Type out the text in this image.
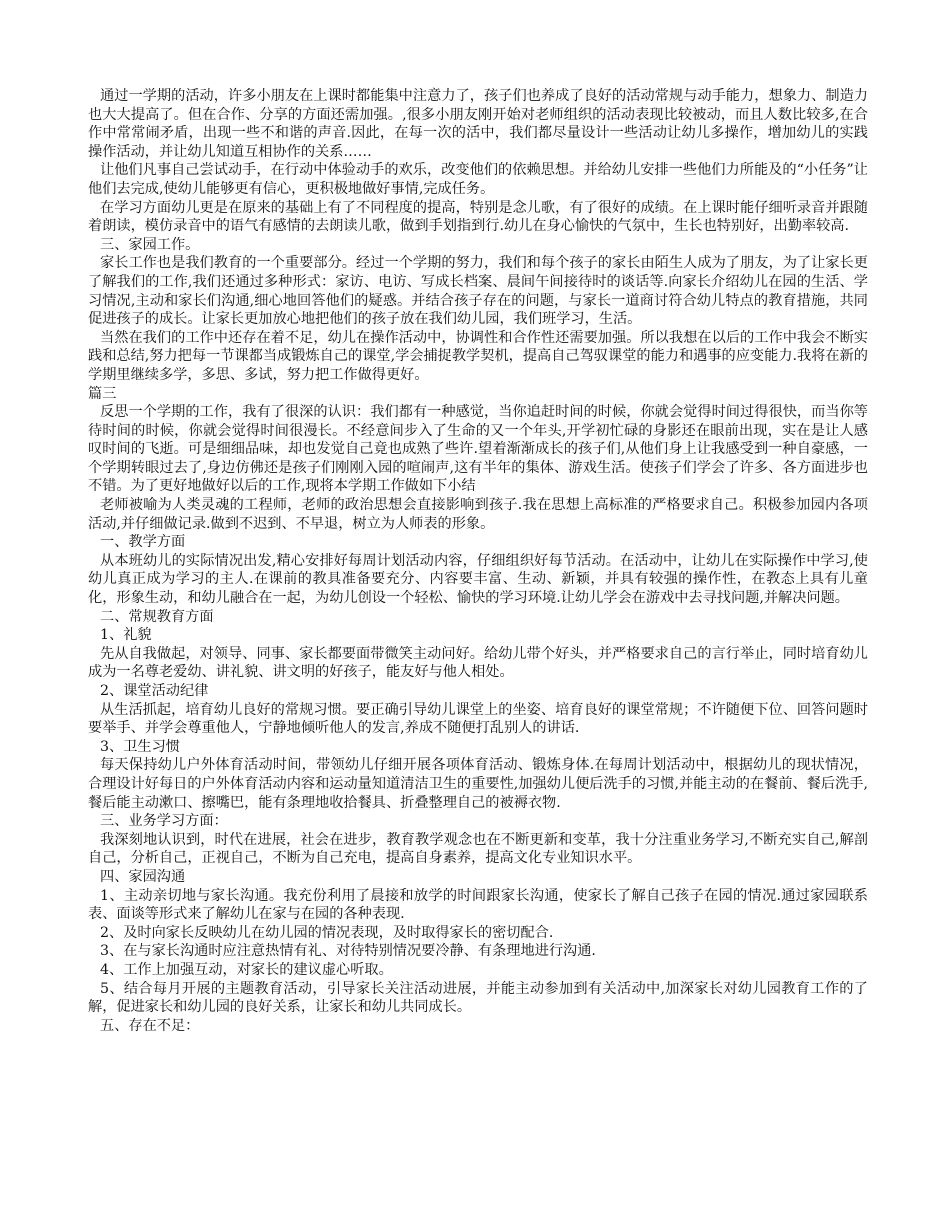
通过一学期的活动，许多小朋友在上课时都能集中注意力了，孩子们也养成了良好的活动常规与动手能力，想象力、制造力也大大提高了。但在合作、分享的方面还需加强。,很多小朋友刚开始对老师组织的活动表现比较被动，而且人数比较多,在合作中常常闹矛盾，出现一些不和谐的声音.因此，在每一次的活中，我们都尽量设计一些活动让幼儿多操作，增加幼儿的实践操作活动，并让幼儿知道互相协作的关系……

让他们凡事自己尝试动手，在行动中体验动手的欢乐，改变他们的依赖思想。并给幼儿安排一些他们力所能及的“小任务”让他们去完成,使幼儿能够更有信心，更积极地做好事情,完成任务。

在学习方面幼儿更是在原来的基础上有了不同程度的提高，特别是念儿歌，有了很好的成绩。在上课时能仔细听录音并跟随着朗读，模仿录音中的语气有感情的去朗读儿歌，做到手划指到行.幼儿在身心愉快的气氛中，生长也特别好，出勤率较高.

三、家园工作。

家长工作也是我们教育的一个重要部分。经过一个学期的努力，我们和每个孩子的家长由陌生人成为了朋友，为了让家长更了解我们的工作,我们还通过多种形式：家访、电访、写成长档案、晨间午间接待时的谈话等.向家长介绍幼儿在园的生活、学习情况,主动和家长们沟通,细心地回答他们的疑惑。并结合孩子存在的问题，与家长一道商讨符合幼儿特点的教育措施，共同促进孩子的成长。让家长更加放心地把他们的孩子放在我们幼儿园，我们班学习，生活。

当然在我们的工作中还存在着不足，幼儿在操作活动中，协调性和合作性还需要加强。所以我想在以后的工作中我会不断实践和总结,努力把每一节课都当成锻炼自己的课堂,学会捕捉教学契机，提高自己驾驭课堂的能力和遇事的应变能力.我将在新的学期里继续多学，多思、多试，努力把工作做得更好。

篇三

反思一个学期的工作，我有了很深的认识：我们都有一种感觉，当你追赶时间的时候，你就会觉得时间过得很快，而当你等待时间的时候，你就会觉得时间很漫长。不经意间步入了生命的又一个年头,开学初忙碌的身影还在眼前出现，实在是让人感叹时间的飞逝。可是细细品味，却也发觉自己竟也成熟了些许.望着渐渐成长的孩子们,从他们身上让我感受到一种自豪感，一个学期转眼过去了,身边仿佛还是孩子们刚刚入园的喧闹声,这有半年的集体、游戏生活。使孩子们学会了许多、各方面进步也不错。为了更好地做好以后的工作,现将本学期工作做如下小结

老师被喻为人类灵魂的工程师，老师的政治思想会直接影响到孩子.我在思想上高标准的严格要求自己。积极参加园内各项活动,并仔细做记录.做到不迟到、不早退，树立为人师表的形象。

一、教学方面

从本班幼儿的实际情况出发,精心安排好每周计划活动内容，仔细组织好每节活动。在活动中，让幼儿在实际操作中学习,使幼儿真正成为学习的主人.在课前的教具准备要充分、内容要丰富、生动、新颖，并具有较强的操作性，在教态上具有儿童化，形象生动，和幼儿融合在一起，为幼儿创设一个轻松、愉快的学习环境.让幼儿学会在游戏中去寻找问题,并解决问题。

二、常规教育方面

1、礼貌

先从自我做起，对领导、同事、家长都要面带微笑主动问好。给幼儿带个好头，并严格要求自己的言行举止，同时培育幼儿成为一名尊老爱幼、讲礼貌、讲文明的好孩子，能友好与他人相处。

2、课堂活动纪律

从生活抓起，培育幼儿良好的常规习惯。要正确引导幼儿课堂上的坐姿、培育良好的课堂常规；不许随便下位、回答问题时要举手、并学会尊重他人，宁静地倾听他人的发言,养成不随便打乱别人的讲话.

3、卫生习惯

每天保持幼儿户外体育活动时间，带领幼儿仔细开展各项体育活动、锻炼身体.在每周计划活动中，根据幼儿的现状情况，合理设计好每日的户外体育活动内容和运动量知道清洁卫生的重要性,加强幼儿便后洗手的习惯,并能主动的在餐前、餐后洗手,餐后能主动漱口、擦嘴巴，能有条理地收拾餐具、折叠整理自己的被褥衣物.

三、业务学习方面：

我深刻地认识到，时代在进展，社会在进步，教育教学观念也在不断更新和变革，我十分注重业务学习,不断充实自己,解剖自己，分析自己，正视自己，不断为自己充电，提高自身素养，提高文化专业知识水平。

四、家园沟通

1、主动亲切地与家长沟通。我充份利用了晨接和放学的时间跟家长沟通，使家长了解自己孩子在园的情况.通过家园联系表、面谈等形式来了解幼儿在家与在园的各种表现.

2、及时向家长反映幼儿在幼儿园的情况表现，及时取得家长的密切配合.

3、在与家长沟通时应注意热情有礼、对待特别情况要冷静、有条理地进行沟通.

4、工作上加强互动，对家长的建议虚心听取。

5、结合每月开展的主题教育活动，引导家长关注活动进展，并能主动参加到有关活动中,加深家长对幼儿园教育工作的了解，促进家长和幼儿园的良好关系，让家长和幼儿共同成长。

五、存在不足：
